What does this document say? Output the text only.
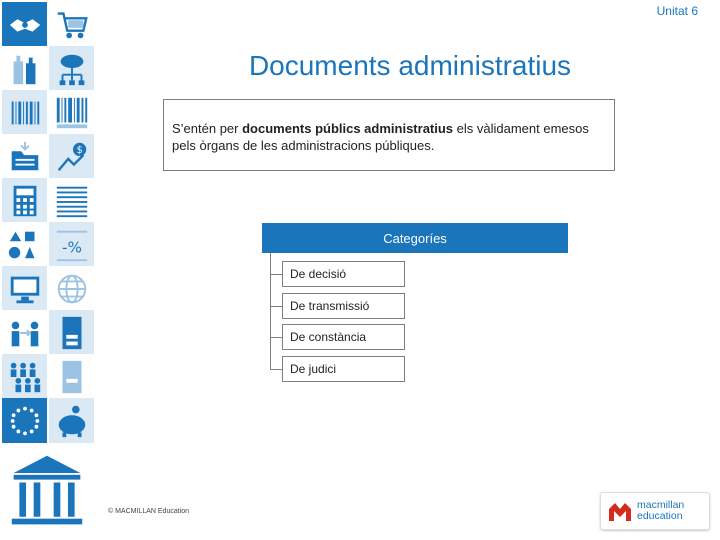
$
-%
Unitat 6
Documents administratius
S’entén per documents públics administratius els vàlidament emesos pels òrgans de les administracions públiques.
Categoríes
De decisió
De transmissió
De constància
De judici
© MACMILLAN Education
macmillan
education
